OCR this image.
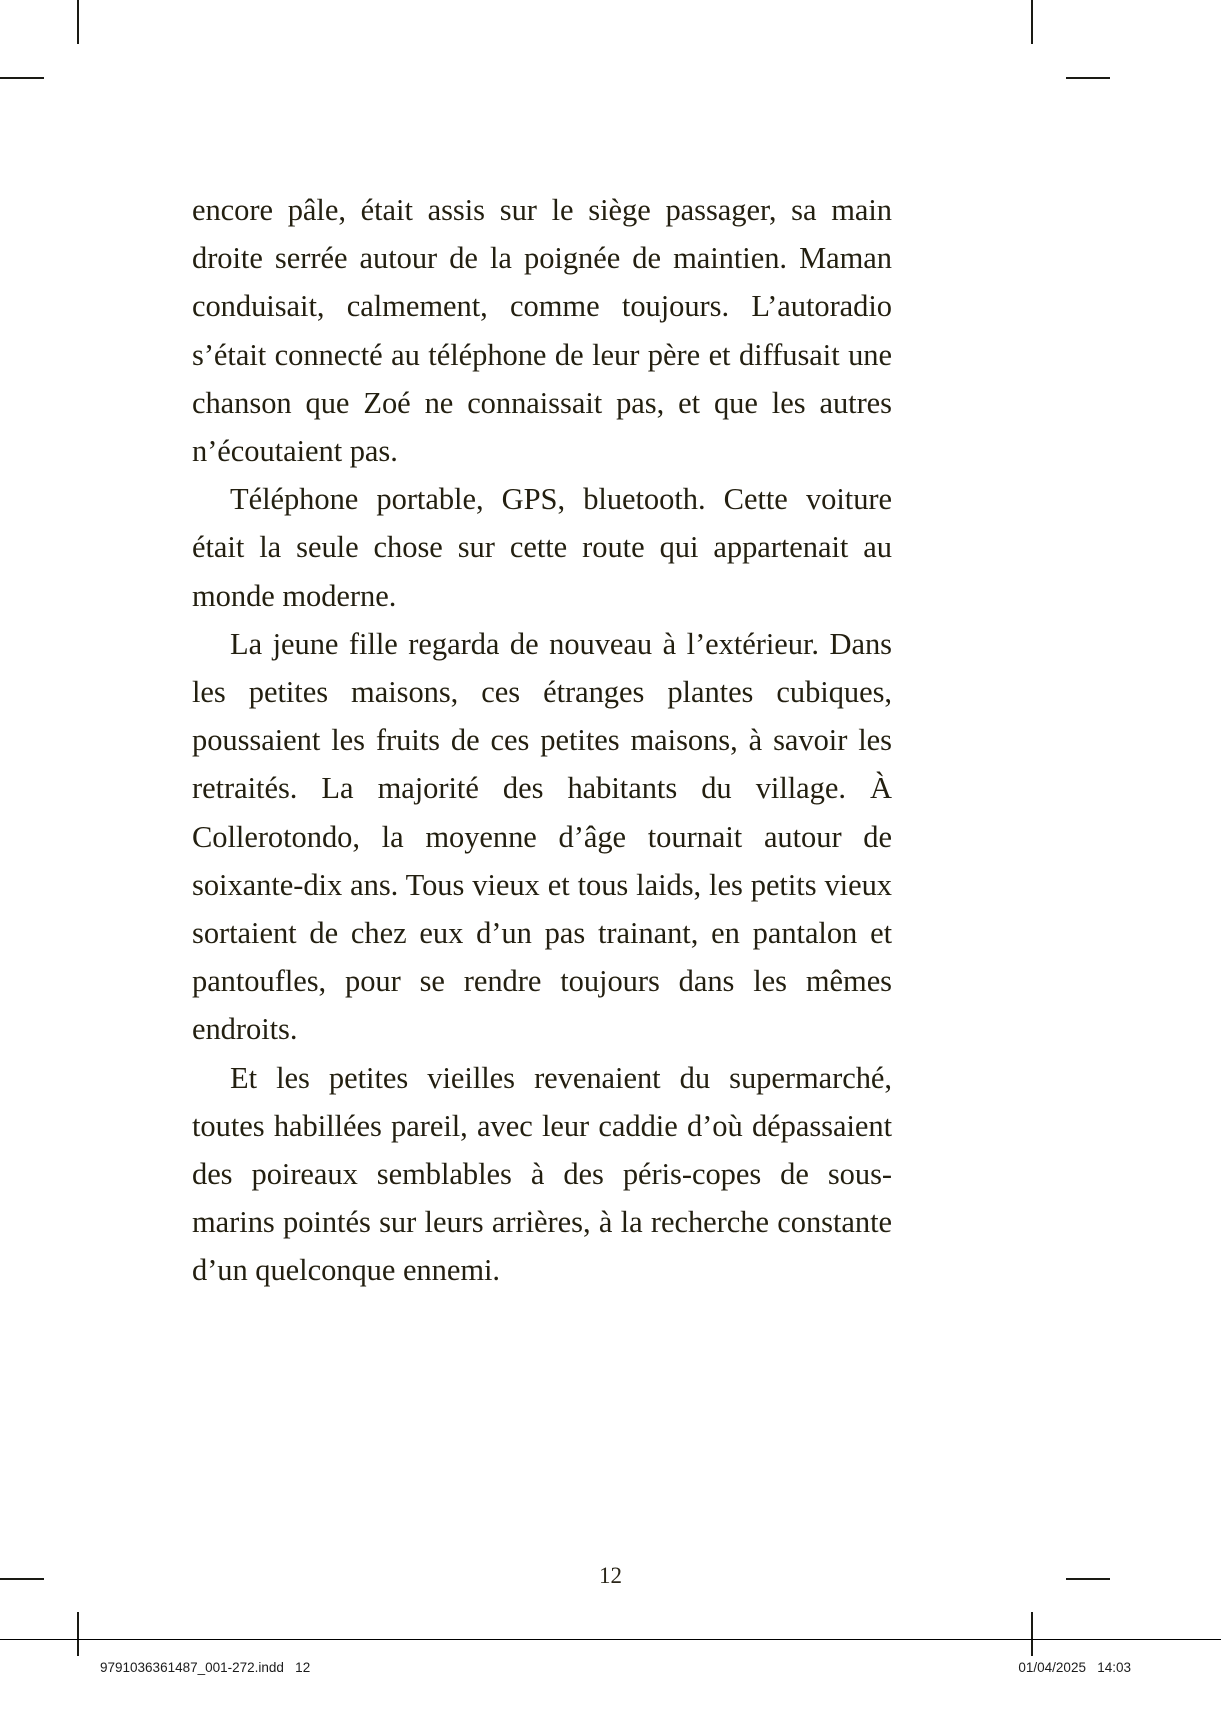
encore pâle, était assis sur le siège passager, sa main droite serrée autour de la poignée de maintien. Maman conduisait, calmement, comme toujours. L’autoradio s’était connecté au téléphone de leur père et diffusait une chanson que Zoé ne connaissait pas, et que les autres n’écoutaient pas.

Téléphone portable, GPS, bluetooth. Cette voiture était la seule chose sur cette route qui appartenait au monde moderne.

La jeune fille regarda de nouveau à l’extérieur. Dans les petites maisons, ces étranges plantes cubiques, poussaient les fruits de ces petites maisons, à savoir les retraités. La majorité des habitants du village. À Collerotondo, la moyenne d’âge tournait autour de soixante-dix ans. Tous vieux et tous laids, les petits vieux sortaient de chez eux d’un pas trainant, en pantalon et pantoufles, pour se rendre toujours dans les mêmes endroits.

Et les petites vieilles revenaient du supermarché, toutes habillées pareil, avec leur caddie d’où dépassaient des poireaux semblables à des péris-copes de sous-marins pointés sur leurs arrières, à la recherche constante d’un quelconque ennemi.

12
9791036361487_001-272.indd   12	01/04/2025   14:03
